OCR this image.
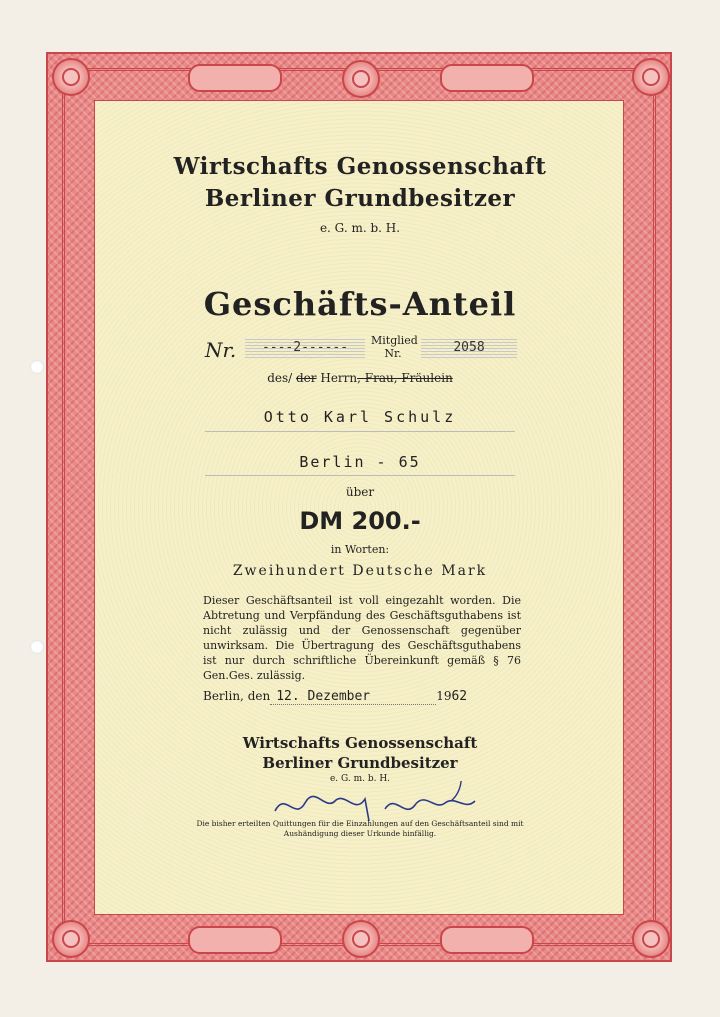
Wirtschafts Genossenschaft
Berliner Grundbesitzer
e. G. m. b. H.
Geschäfts-Anteil
Nr.	----2------	Mitglied
Nr.	2058
des/ der Herrn, Frau, Fräulein
Otto Karl Schulz
Berlin - 65
über
DM 200.-
in Worten:
Zweihundert Deutsche Mark
Dieser Geschäftsanteil ist voll eingezahlt worden. Die Abtretung und Verpfändung des Geschäftsguthabens ist nicht zulässig und der Genossenschaft gegenüber unwirksam. Die Übertragung des Geschäftsguthabens ist nur durch schriftliche Übereinkunft gemäß § 76 Gen.Ges. zulässig.
Berlin, den 12. Dezember	1962
Wirtschafts Genossenschaft
Berliner Grundbesitzer
e. G. m. b. H.
Die bisher erteilten Quittungen für die Einzahlungen auf den Geschäftsanteil sind mit Aushändigung dieser Urkunde hinfällig.
